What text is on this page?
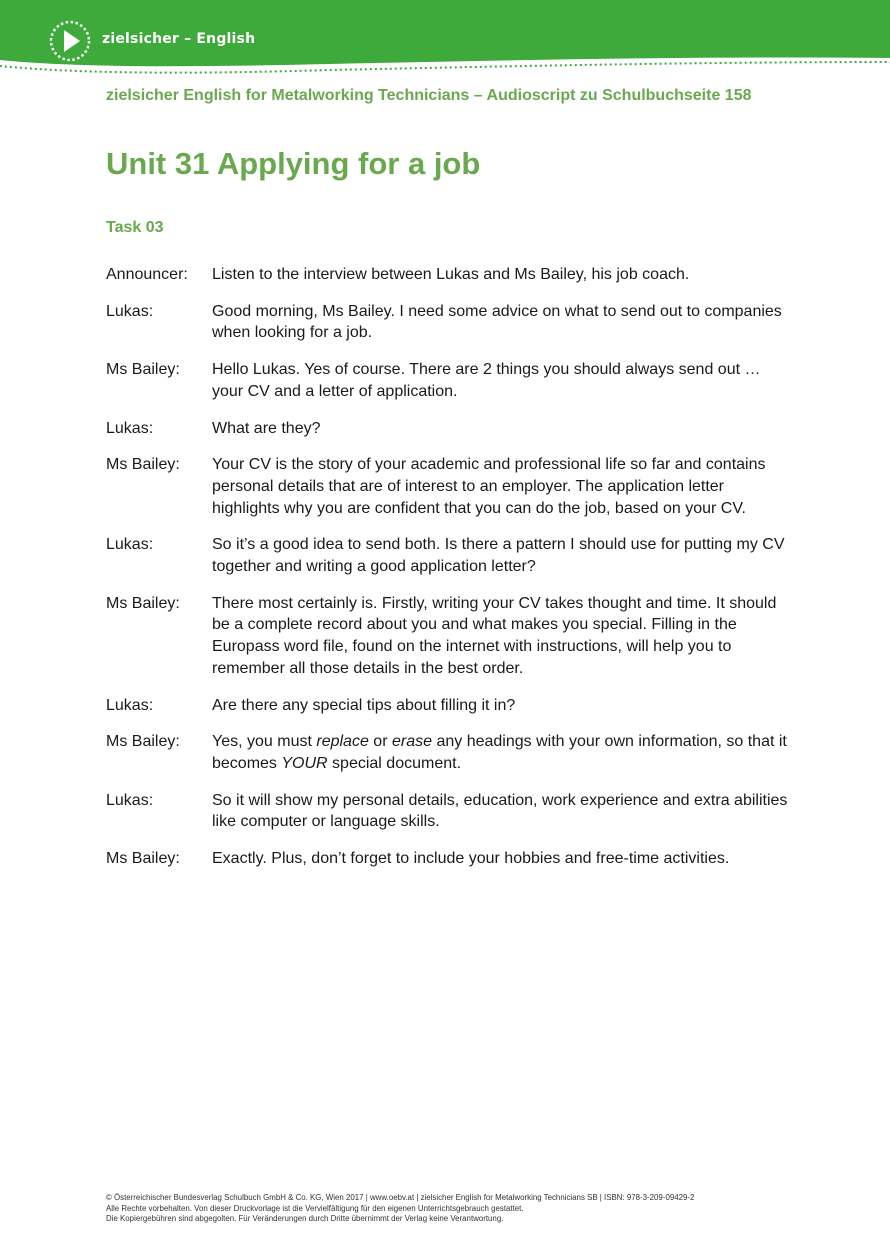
zielsicher – English
zielsicher English for Metalworking Technicians – Audioscript zu Schulbuchseite 158
Unit 31 Applying for a job
Task 03
Announcer:	Listen to the interview between Lukas and Ms Bailey, his job coach.
Lukas:	Good morning, Ms Bailey. I need some advice on what to send out to companies when looking for a job.
Ms Bailey:	Hello Lukas. Yes of course. There are 2 things you should always send out … your CV and a letter of application.
Lukas:	What are they?
Ms Bailey:	Your CV is the story of your academic and professional life so far and contains personal details that are of interest to an employer. The application letter highlights why you are confident that you can do the job, based on your CV.
Lukas:	So it’s a good idea to send both. Is there a pattern I should use for putting my CV together and writing a good application letter?
Ms Bailey:	There most certainly is. Firstly, writing your CV takes thought and time. It should be a complete record about you and what makes you special. Filling in the Europass word file, found on the internet with instructions, will help you to remember all those details in the best order.
Lukas:	Are there any special tips about filling it in?
Ms Bailey:	Yes, you must replace or erase any headings with your own information, so that it becomes YOUR special document.
Lukas:	So it will show my personal details, education, work experience and extra abilities like computer or language skills.
Ms Bailey:	Exactly. Plus, don’t forget to include your hobbies and free-time activities.
© Österreichischer Bundesverlag Schulbuch GmbH & Co. KG, Wien 2017 | www.oebv.at | zielsicher English for Metalworking Technicians SB | ISBN: 978-3-209-09429-2
Alle Rechte vorbehalten. Von dieser Druckvorlage ist die Vervielfältigung für den eigenen Unterrichtsgebrauch gestattet.
Die Kopiergebühren sind abgegolten. Für Veränderungen durch Dritte übernimmt der Verlag keine Verantwortung.
